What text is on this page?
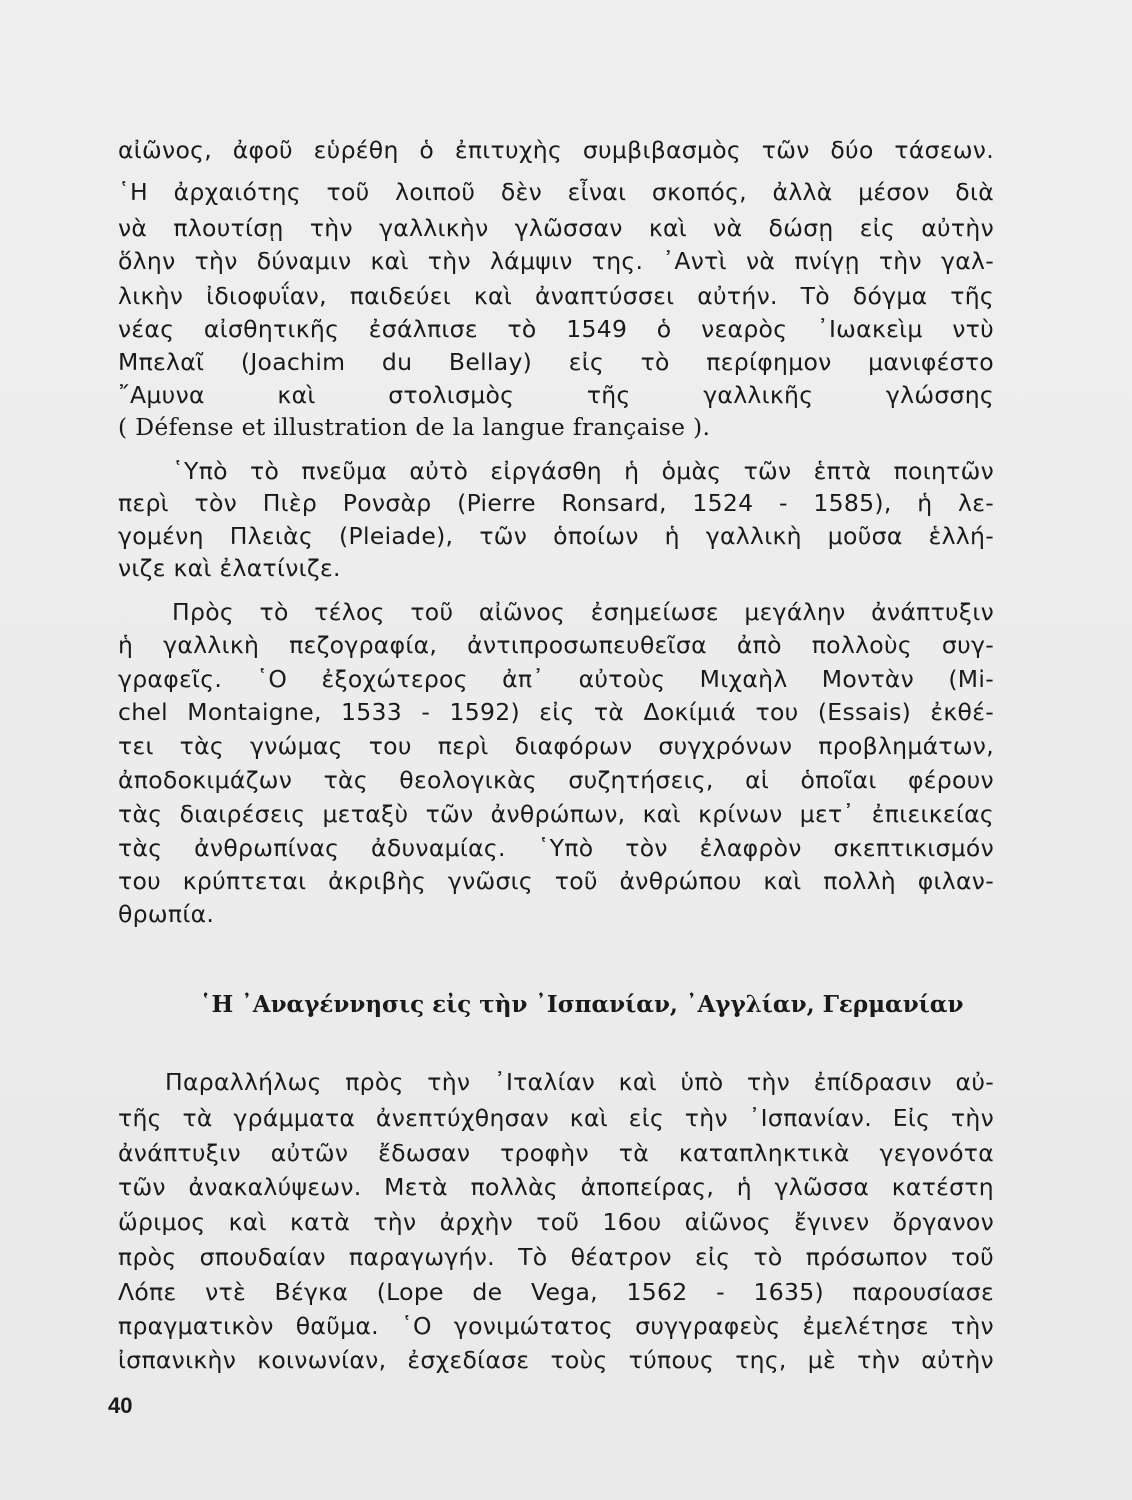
αἰῶνος, ἀφοῦ εὑρέθη ὁ ἐπιτυχὴς συμβιβασμὸς τῶν δύο τάσεων.
῾Η ἀρχαιότης τοῦ λοιποῦ δὲν εἶναι σκοπός, ἀλλὰ μέσον διὰ
νὰ πλουτίσῃ τὴν γαλλικὴν γλῶσσαν καὶ νὰ δώσῃ εἰς αὐτὴν
ὅλην τὴν δύναμιν καὶ τὴν λάμψιν της. ᾿Αντὶ νὰ πνίγῃ τὴν γαλ-
λικὴν ἰδιοφυΐαν, παιδεύει καὶ ἀναπτύσσει αὐτήν. Τὸ δόγμα τῆς
νέας αἰσθητικῆς ἐσάλπισε τὸ 1549 ὁ νεαρὸς ᾿Ιωακεὶμ ντὺ
Μπελαῖ (Joachim du Bellay) εἰς τὸ περίφημον μανιφέστο
῎Αμυνα καὶ στολισμὸς τῆς γαλλικῆς γλώσσης
( Défense et illustration de la langue française ).
῾Υπὸ τὸ πνεῦμα αὐτὸ εἰργάσθη ἡ ὁμὰς τῶν ἑπτὰ ποιητῶν
περὶ τὸν Πιὲρ Ρονσὰρ (Pierre Ronsard, 1524 - 1585), ἡ λε-
γομένη Πλειὰς (Pleiade), τῶν ὁποίων ἡ γαλλικὴ μοῦσα ἑλλή-
νιζε καὶ ἐλατίνιζε.
Πρὸς τὸ τέλος τοῦ αἰῶνος ἐσημείωσε μεγάλην ἀνάπτυξιν
ἡ γαλλικὴ πεζογραφία, ἀντιπροσωπευθεῖσα ἀπὸ πολλοὺς συγ-
γραφεῖς. ῾Ο ἐξοχώτερος ἀπ᾿ αὐτοὺς Μιχαὴλ Μοντὰν (Mi-
chel Montaigne, 1533 - 1592) εἰς τὰ Δοκίμιά του (Essais) ἐκθέ-
τει τὰς γνώμας του περὶ διαφόρων συγχρόνων προβλημάτων,
ἀποδοκιμάζων τὰς θεολογικὰς συζητήσεις, αἱ ὁποῖαι φέρουν
τὰς διαιρέσεις μεταξὺ τῶν ἀνθρώπων, καὶ κρίνων μετ᾿ ἐπιεικείας
τὰς ἀνθρωπίνας ἀδυναμίας. ῾Υπὸ τὸν ἐλαφρὸν σκεπτικισμόν
του κρύπτεται ἀκριβὴς γνῶσις τοῦ ἀνθρώπου καὶ πολλὴ φιλαν-
θρωπία.
῾Η ᾿Αναγέννησις εἰς τὴν ᾿Ισπανίαν, ᾿Αγγλίαν, Γερμανίαν
Παραλλήλως πρὸς τὴν ᾿Ιταλίαν καὶ ὑπὸ τὴν ἐπίδρασιν αὐ-
τῆς τὰ γράμματα ἀνεπτύχθησαν καὶ εἰς τὴν ᾿Ισπανίαν. Εἰς τὴν
ἀνάπτυξιν αὐτῶν ἔδωσαν τροφὴν τὰ καταπληκτικὰ γεγονότα
τῶν ἀνακαλύψεων. Μετὰ πολλὰς ἀποπείρας, ἡ γλῶσσα κατέστη
ὥριμος καὶ κατὰ τὴν ἀρχὴν τοῦ 16ου αἰῶνος ἔγινεν ὄργανον
πρὸς σπουδαίαν παραγωγήν. Τὸ θέατρον εἰς τὸ πρόσωπον τοῦ
Λόπε ντὲ Βέγκα (Lope de Vega, 1562 - 1635) παρουσίασε
πραγματικὸν θαῦμα. ῾Ο γονιμώτατος συγγραφεὺς ἐμελέτησε τὴν
ἰσπανικὴν κοινωνίαν, ἐσχεδίασε τοὺς τύπους της, μὲ τὴν αὐτὴν
40
